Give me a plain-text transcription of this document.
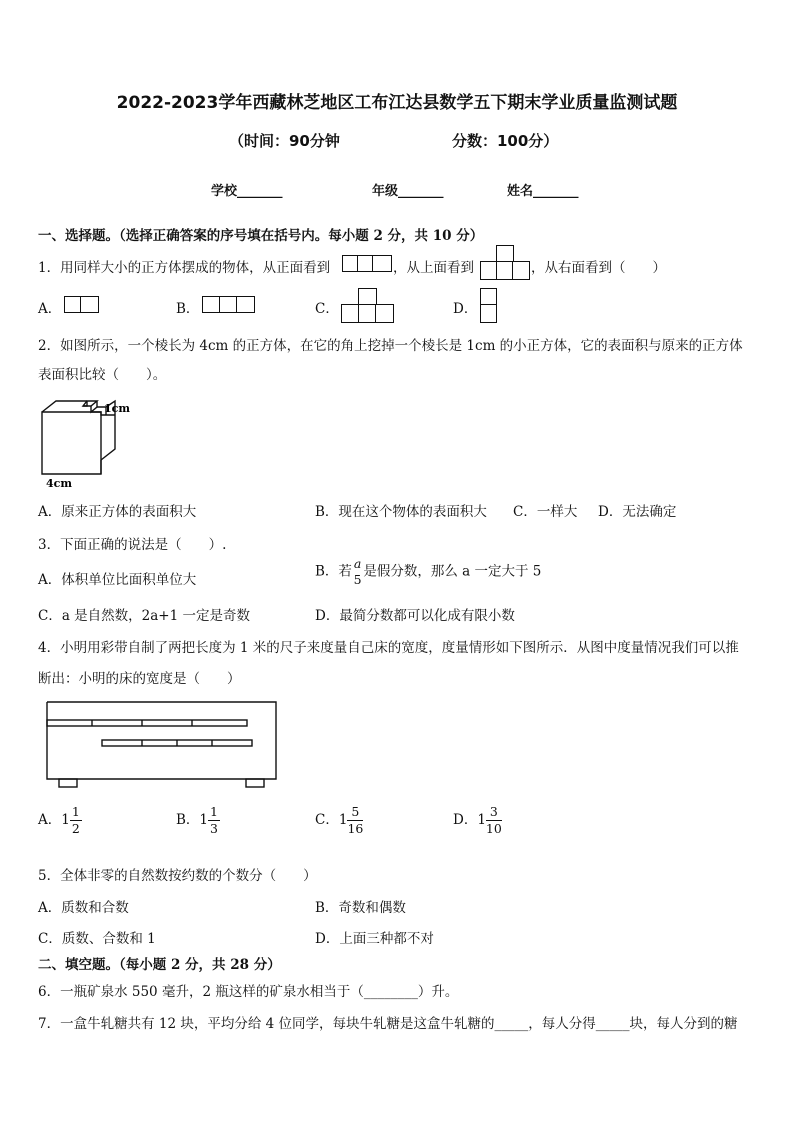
2022-2023学年西藏林芝地区工布江达县数学五下期末学业质量监测试题
（时间：90分钟	分数：100分）
学校_______	年级_______	姓名_______
一、选择题。（选择正确答案的序号填在括号内。每小题 2 分，共 10 分）
1．用同样大小的正方体摆成的物体，从正面看到	，从上面看到	，从右面看到（　　）
A．	B．	C．	D．
2．如图所示，一个棱长为 4cm 的正方体，在它的角上挖掉一个棱长是 1cm 的小正方体，它的表面积与原来的正方体
表面积比较（　　）。
1cm
4cm
A．原来正方体的表面积大	B．现在这个物体的表面积大 C．一样大 D．无法确定
3．下面正确的说法是（　　）.
A．体积单位比面积单位大
B．若 a
5 是假分数，那么 a 一定大于 5
C．a 是自然数，2a+1 一定是奇数	D．最简分数都可以化成有限小数
4．小明用彩带自制了两把长度为 1 米的尺子来度量自己床的宽度，度量情形如下图所示．从图中度量情况我们可以推
断出：小明的床的宽度是（　　）
A．$1 \frac{1}{2}$	B．$1 \frac{1}{3}$	C．$1 \frac{5}{16}$	D．$1 \frac{3}{10}$
5．全体非零的自然数按约数的个数分（　　）
A．质数和合数	B．奇数和偶数
C．质数、合数和 1	D．上面三种都不对
二、填空题。（每小题 2 分，共 28 分）
6．一瓶矿泉水 550 毫升，2 瓶这样的矿泉水相当于（________）升。
7．一盒牛轧糖共有 12 块，平均分给 4 位同学，每块牛轧糖是这盒牛轧糖的_____，每人分得_____块，每人分到的糖
